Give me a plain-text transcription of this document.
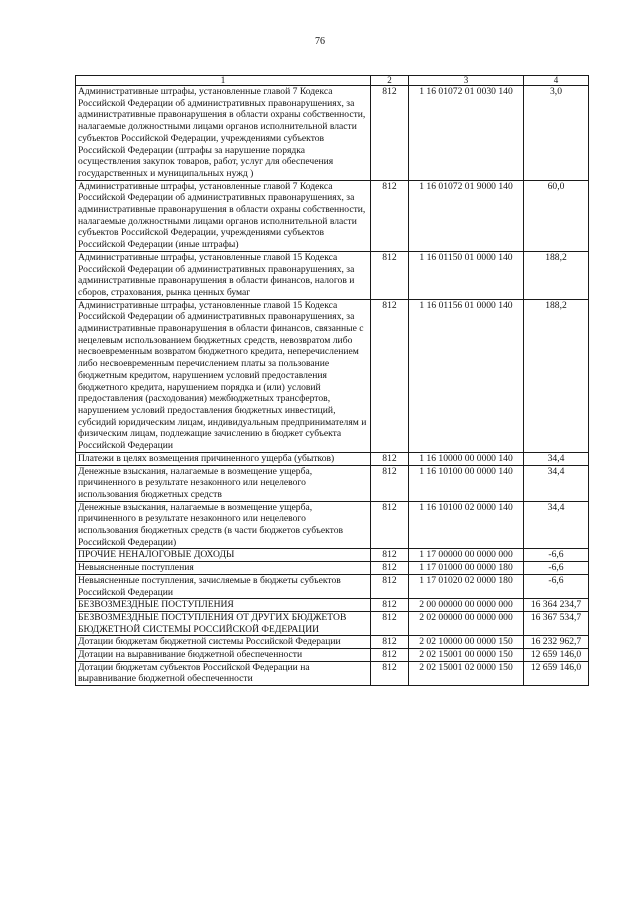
76
1	2	3	4
Административные штрафы, установленные главой 7 Кодекса Российской Федерации об административных правонарушениях, за административные правонарушения в области охраны собственности, налагаемые должностными лицами органов исполнительной власти субъектов Российской Федерации, учреждениями субъектов Российской Федерации (штрафы за нарушение порядка осуществления закупок товаров, работ, услуг для обеспечения государственных и муниципальных нужд )	812	1 16 01072 01 0030 140	3,0
Административные штрафы, установленные главой 7 Кодекса Российской Федерации об административных правонарушениях, за административные правонарушения в области охраны собственности, налагаемые должностными лицами органов исполнительной власти субъектов Российской Федерации, учреждениями субъектов Российской Федерации (иные штрафы)	812	1 16 01072 01 9000 140	60,0
Административные штрафы, установленные главой 15 Кодекса Российской Федерации об административных правонарушениях, за административные правонарушения в области финансов, налогов и сборов, страхования, рынка ценных бумаг	812	1 16 01150 01 0000 140	188,2
Административные штрафы, установленные главой 15 Кодекса Российской Федерации об административных правонарушениях, за административные правонарушения в области финансов, связанные с нецелевым использованием бюджетных средств, невозвратом либо несвоевременным возвратом бюджетного кредита, неперечислением либо несвоевременным перечислением платы за пользование бюджетным кредитом, нарушением условий предоставления бюджетного кредита, нарушением порядка и (или) условий предоставления (расходования) межбюджетных трансфертов, нарушением условий предоставления бюджетных инвестиций, субсидий юридическим лицам, индивидуальным предпринимателям и физическим лицам, подлежащие зачислению в бюджет субъекта Российской Федерации	812	1 16 01156 01 0000 140	188,2
Платежи в целях возмещения причиненного ущерба (убытков)	812	1 16 10000 00 0000 140	34,4
Денежные взыскания, налагаемые в возмещение ущерба, причиненного в результате незаконного или нецелевого использования бюджетных средств	812	1 16 10100 00 0000 140	34,4
Денежные взыскания, налагаемые в возмещение ущерба, причиненного в результате незаконного или нецелевого использования бюджетных средств (в части бюджетов субъектов Российской Федерации)	812	1 16 10100 02 0000 140	34,4
ПРОЧИЕ НЕНАЛОГОВЫЕ ДОХОДЫ	812	1 17 00000 00 0000 000	-6,6
Невыясненные поступления	812	1 17 01000 00 0000 180	-6,6
Невыясненные поступления, зачисляемые в бюджеты субъектов Российской Федерации	812	1 17 01020 02 0000 180	-6,6
БЕЗВОЗМЕЗДНЫЕ ПОСТУПЛЕНИЯ	812	2 00 00000 00 0000 000	16 364 234,7
БЕЗВОЗМЕЗДНЫЕ ПОСТУПЛЕНИЯ ОТ ДРУГИХ БЮДЖЕТОВ БЮДЖЕТНОЙ СИСТЕМЫ РОССИЙСКОЙ ФЕДЕРАЦИИ	812	2 02 00000 00 0000 000	16 367 534,7
Дотации бюджетам бюджетной системы Российской Федерации	812	2 02 10000 00 0000 150	16 232 962,7
Дотации на выравнивание бюджетной обеспеченности	812	2 02 15001 00 0000 150	12 659 146,0
Дотации бюджетам субъектов Российской Федерации на выравнивание бюджетной обеспеченности	812	2 02 15001 02 0000 150	12 659 146,0
